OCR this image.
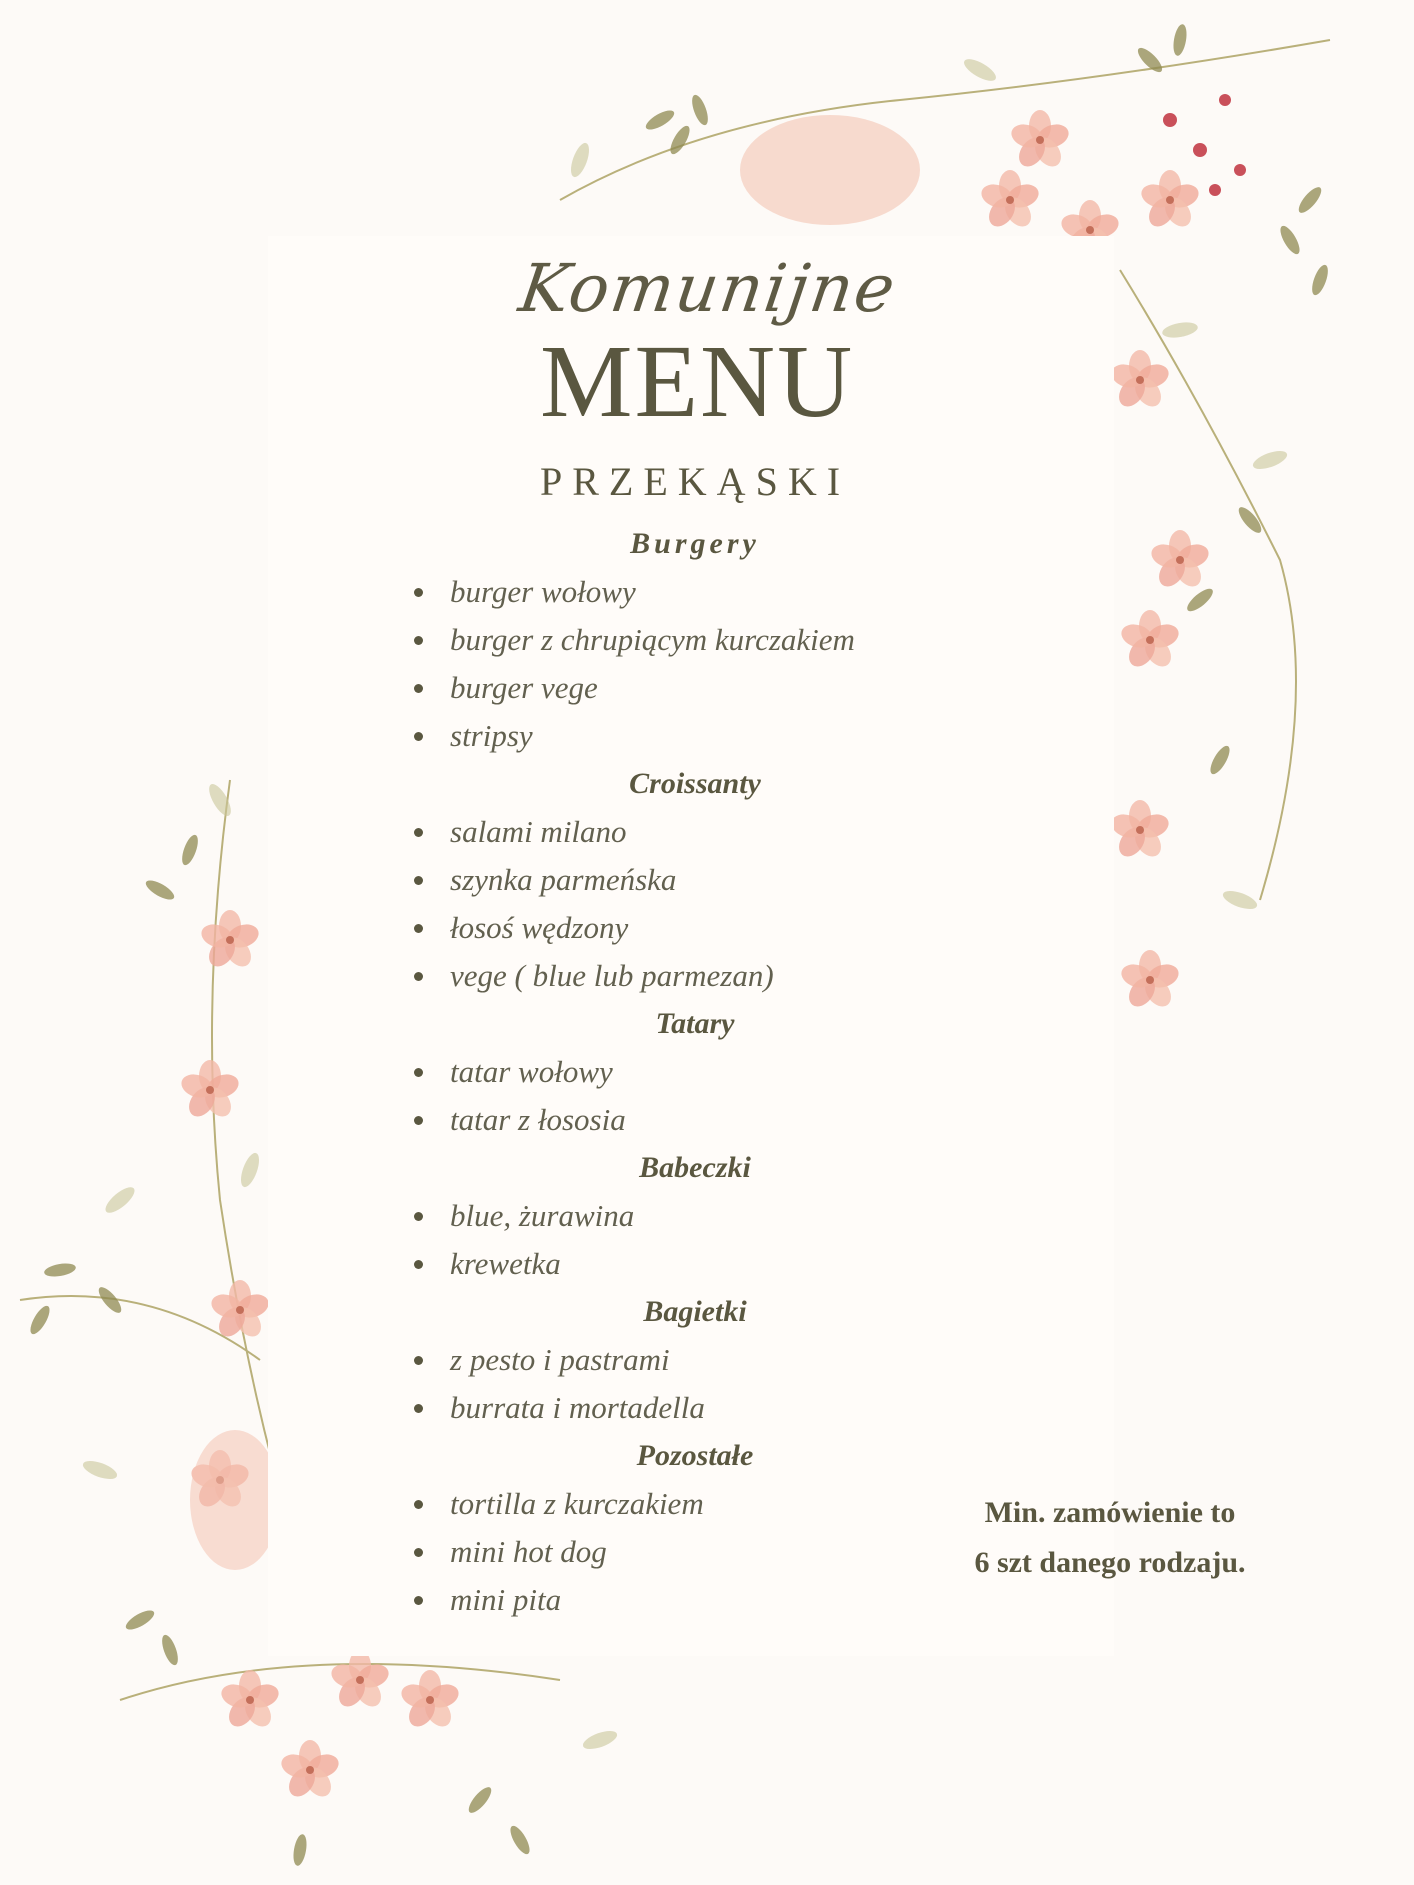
Komunijne
MENU
PRZEKĄSKI
Burgery
burger wołowy
burger z chrupiącym kurczakiem
burger vege
stripsy
Croissanty
salami milano
szynka parmeńska
łosoś wędzony
vege ( blue lub parmezan)
Tatary
tatar wołowy
tatar z łososia
Babeczki
blue, żurawina
krewetka
Bagietki
z pesto i pastrami
burrata i mortadella
Pozostałe
tortilla z kurczakiem
mini hot dog
mini pita
Min. zamówienie to
6 szt danego rodzaju.
